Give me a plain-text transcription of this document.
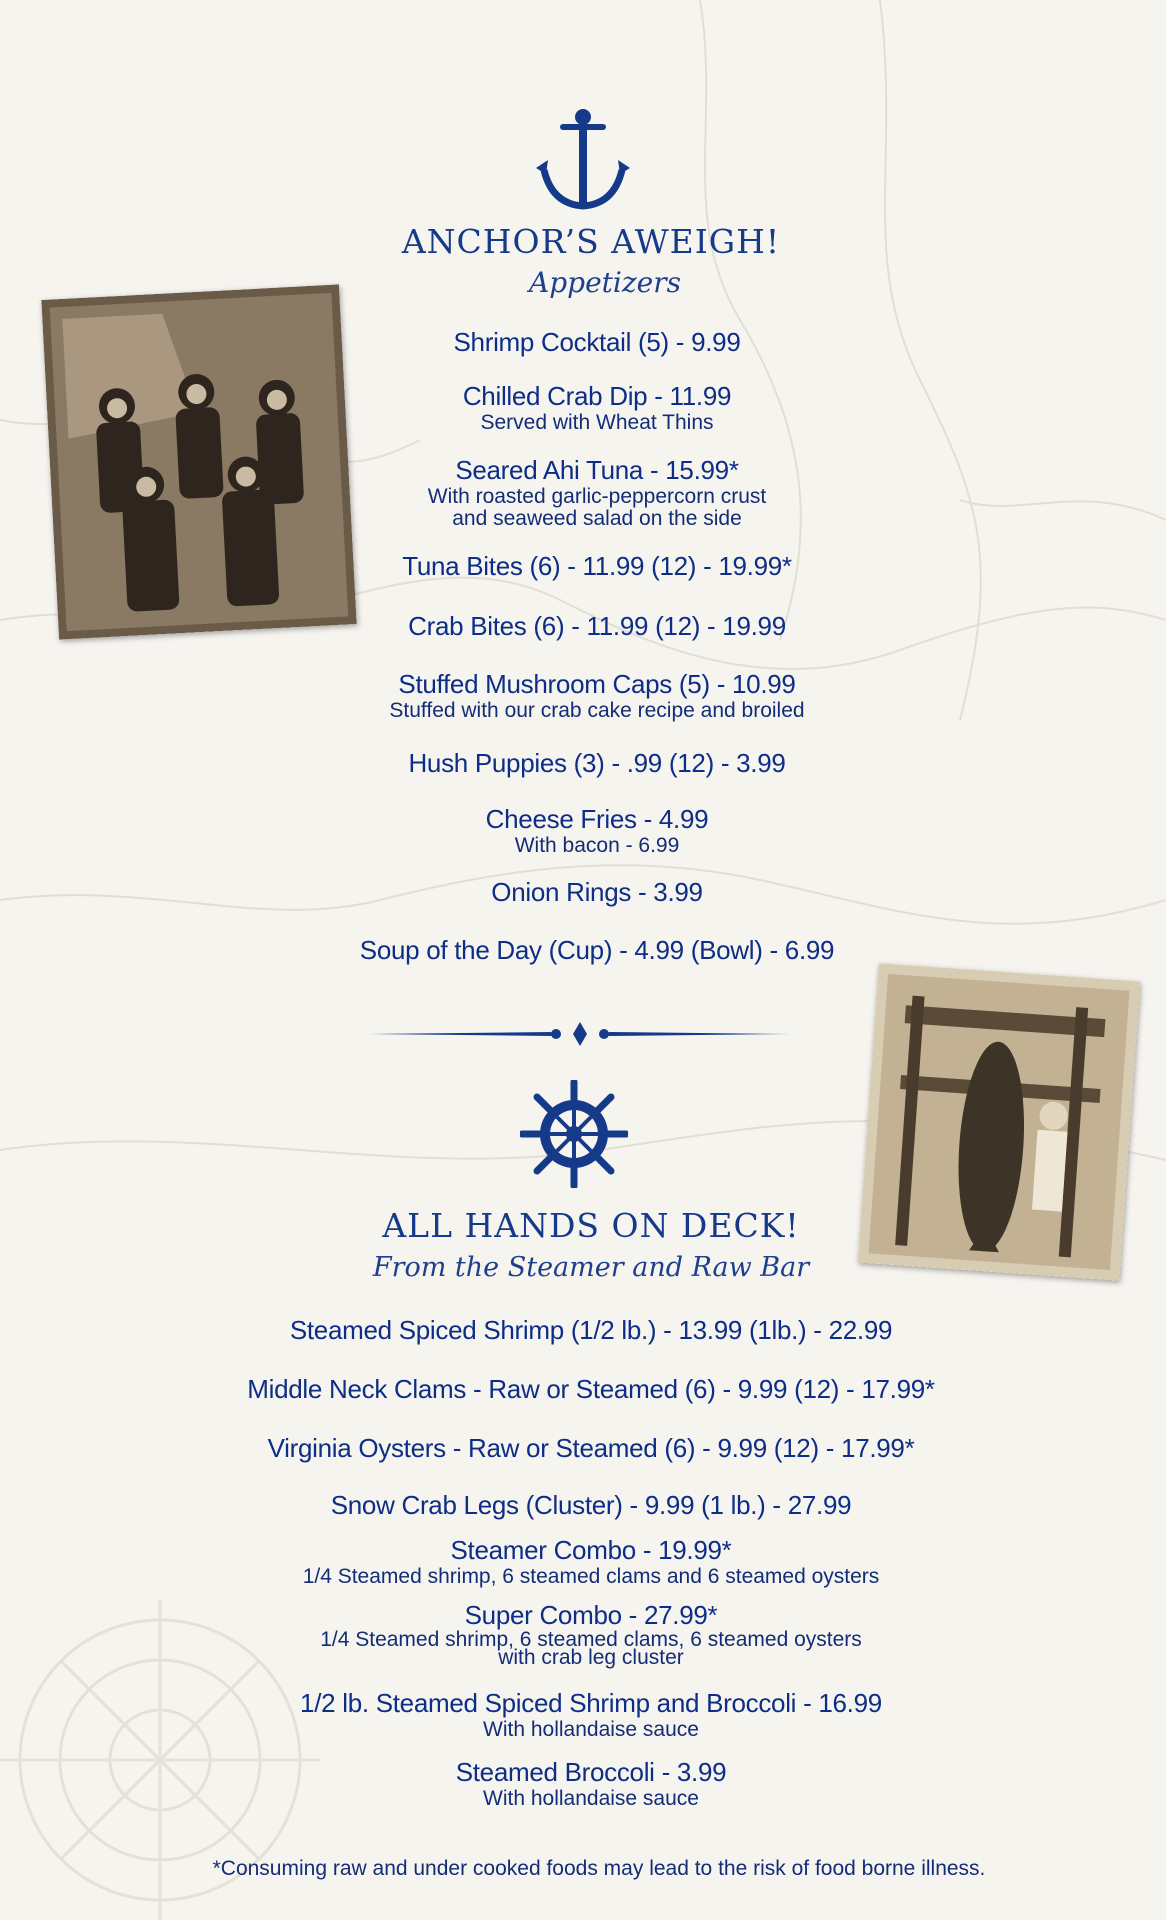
ANCHOR’S AWEIGH!
Appetizers
Shrimp Cocktail (5) - 9.99
Chilled Crab Dip - 11.99
Served with Wheat Thins
Seared Ahi Tuna - 15.99*
With roasted garlic-peppercorn crust
and seaweed salad on the side
Tuna Bites (6) - 11.99 (12) - 19.99*
Crab Bites (6) - 11.99 (12) - 19.99
Stuffed Mushroom Caps (5) - 10.99
Stuffed with our crab cake recipe and broiled
Hush Puppies (3) - .99 (12) - 3.99
Cheese Fries - 4.99
With bacon - 6.99
Onion Rings - 3.99
Soup of the Day (Cup) - 4.99 (Bowl) - 6.99
ALL HANDS ON DECK!
From the Steamer and Raw Bar
Steamed Spiced Shrimp (1/2 lb.) - 13.99 (1lb.) - 22.99
Middle Neck Clams - Raw or Steamed (6) - 9.99 (12) - 17.99*
Virginia Oysters - Raw or Steamed (6) - 9.99 (12) - 17.99*
Snow Crab Legs (Cluster) - 9.99 (1 lb.) - 27.99
Steamer Combo - 19.99*
1/4 Steamed shrimp, 6 steamed clams and 6 steamed oysters
Super Combo - 27.99*
1/4 Steamed shrimp, 6 steamed clams, 6 steamed oysters
with crab leg cluster
1/2 lb. Steamed Spiced Shrimp and Broccoli - 16.99
With hollandaise sauce
Steamed Broccoli - 3.99
With hollandaise sauce
*Consuming raw and under cooked foods may lead to the risk of food borne illness.
